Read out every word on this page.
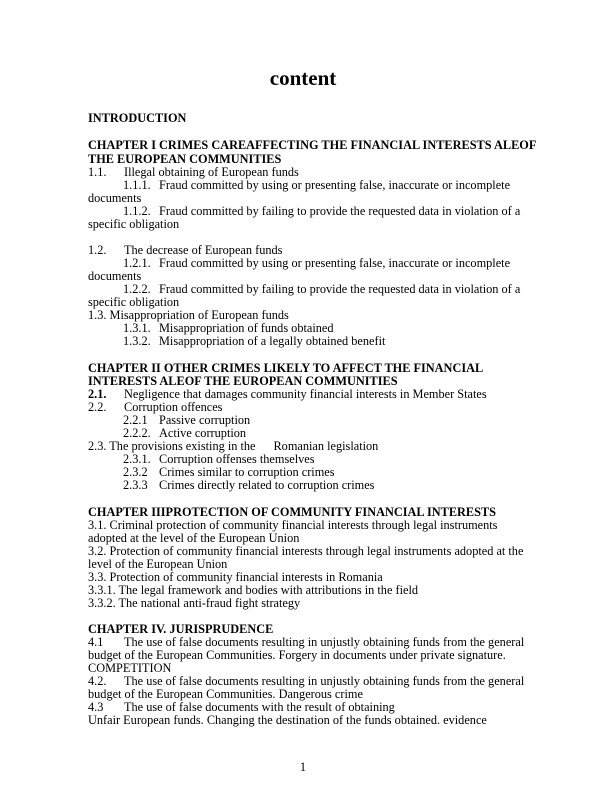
content
INTRODUCTION
CHAPTER I CRIMES CAREAFFECTING THE FINANCIAL INTERESTS ALEOF
THE EUROPEAN COMMUNITIES
1.1. Illegal obtaining of European funds
1.1.1. Fraud committed by using or presenting false, inaccurate or incomplete
documents
1.1.2. Fraud committed by failing to provide the requested data in violation of a
specific obligation
1.2. The decrease of European funds
1.2.1. Fraud committed by using or presenting false, inaccurate or incomplete
documents
1.2.2. Fraud committed by failing to provide the requested data in violation of a
specific obligation
1.3. Misappropriation of European funds
1.3.1. Misappropriation of funds obtained
1.3.2. Misappropriation of a legally obtained benefit
CHAPTER II OTHER CRIMES LIKELY TO AFFECT THE FINANCIAL
INTERESTS ALEOF THE EUROPEAN COMMUNITIES
2.1. Negligence that damages community financial interests in Member States
2.2. Corruption offences
2.2.1 Passive corruption
2.2.2. Active corruption
2.3. The provisions existing in the Romanian legislation
2.3.1. Corruption offenses themselves
2.3.2 Crimes similar to corruption crimes
2.3.3 Crimes directly related to corruption crimes
CHAPTER IIIPROTECTION OF COMMUNITY FINANCIAL INTERESTS
3.1. Criminal protection of community financial interests through legal instruments
adopted at the level of the European Union
3.2. Protection of community financial interests through legal instruments adopted at the
level of the European Union
3.3. Protection of community financial interests in Romania
3.3.1. The legal framework and bodies with attributions in the field
3.3.2. The national anti-fraud fight strategy
CHAPTER IV. JURISPRUDENCE
4.1 The use of false documents resulting in unjustly obtaining funds from the general
budget of the European Communities. Forgery in documents under private signature.
COMPETITION
4.2. The use of false documents resulting in unjustly obtaining funds from the general
budget of the European Communities. Dangerous crime
4.3 The use of false documents with the result of obtaining
Unfair European funds. Changing the destination of the funds obtained. evidence
1
